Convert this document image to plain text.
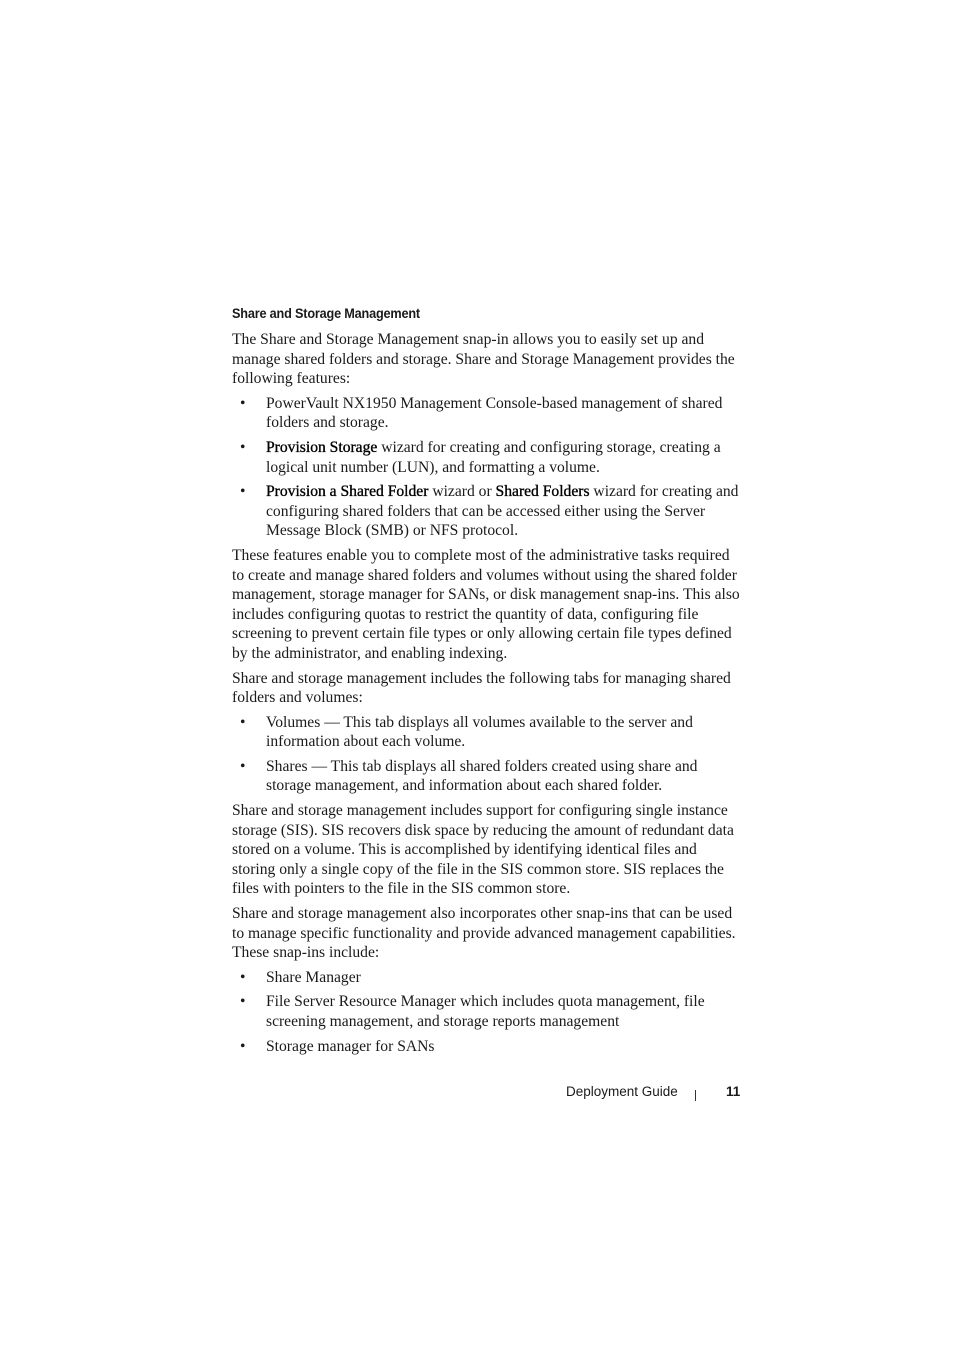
Share and Storage Management

The Share and Storage Management snap-in allows you to easily set up and manage shared folders and storage. Share and Storage Management provides the following features:

• PowerVault NX1950 Management Console-based management of shared folders and storage.
• Provision Storage wizard for creating and configuring storage, creating a logical unit number (LUN), and formatting a volume.
• Provision a Shared Folder wizard or Shared Folders wizard for creating and configuring shared folders that can be accessed either using the Server Message Block (SMB) or NFS protocol.

These features enable you to complete most of the administrative tasks required to create and manage shared folders and volumes without using the shared folder management, storage manager for SANs, or disk management snap-ins. This also includes configuring quotas to restrict the quantity of data, configuring file screening to prevent certain file types or only allowing certain file types defined by the administrator, and enabling indexing.

Share and storage management includes the following tabs for managing shared folders and volumes:

• Volumes — This tab displays all volumes available to the server and information about each volume.
• Shares — This tab displays all shared folders created using share and storage management, and information about each shared folder.

Share and storage management includes support for configuring single instance storage (SIS). SIS recovers disk space by reducing the amount of redundant data stored on a volume. This is accomplished by identifying identical files and storing only a single copy of the file in the SIS common store. SIS replaces the files with pointers to the file in the SIS common store.

Share and storage management also incorporates other snap-ins that can be used to manage specific functionality and provide advanced management capabilities. These snap-ins include:

• Share Manager
• File Server Resource Manager which includes quota management, file screening management, and storage reports management
• Storage manager for SANs
Deployment Guide	11
